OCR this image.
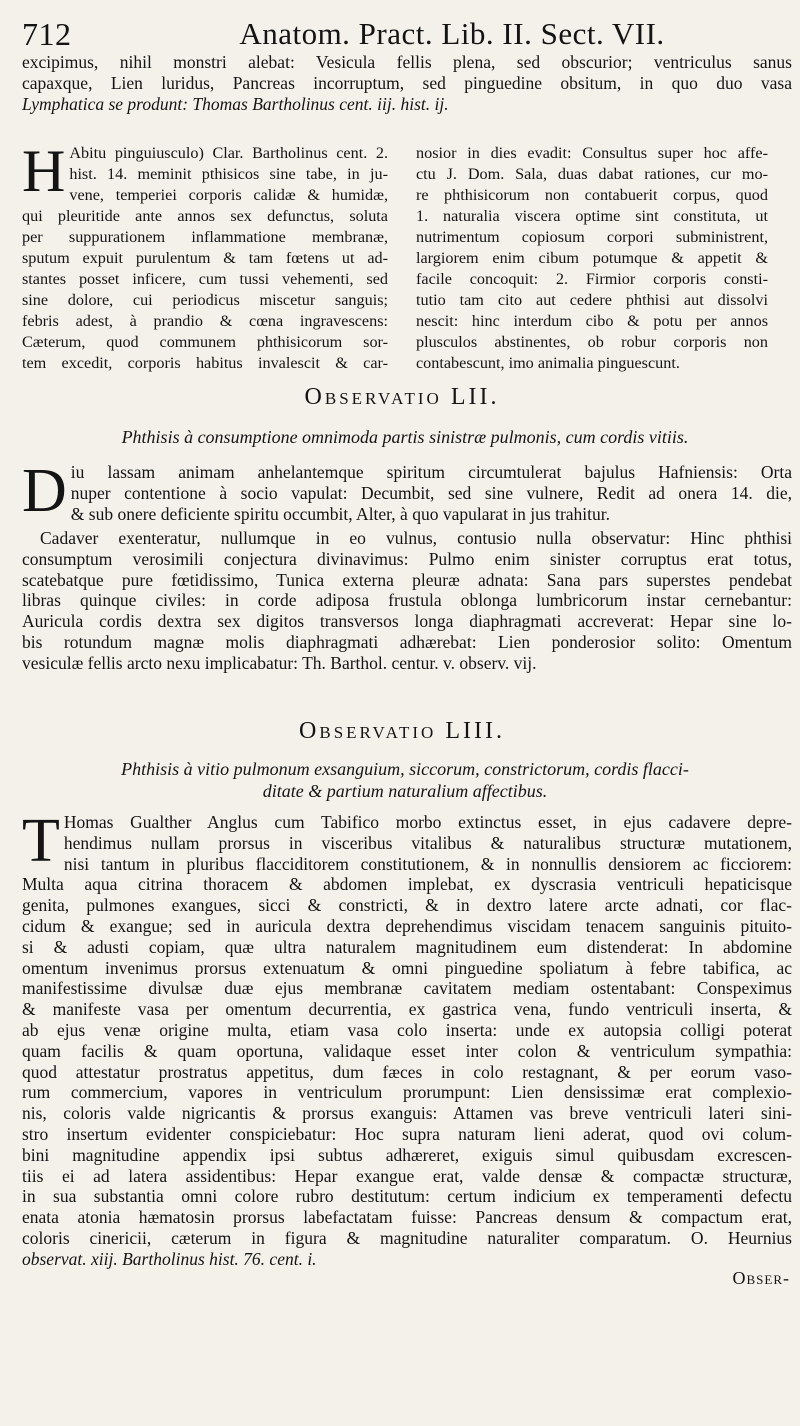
712	Anatom. Pract. Lib. II. Sect. VII.
excipimus, nihil monstri alebat: Vesicula fellis plena, sed obscurior; ventriculus sanus
capaxque, Lien luridus, Pancreas incorruptum, sed pinguedine obsitum, in quo duo vasa
Lymphatica se produnt: Thomas Bartholinus cent. iij. hist. ij.
H Abitu pinguiusculo) Clar. Bartholinus cent. 2.
hist. 14. meminit pthisicos sine tabe, in ju-
vene, temperiei corporis calidæ & humidæ,
qui pleuritide ante annos sex defunctus, soluta
per suppurationem inflammatione membranæ,
sputum expuit purulentum & tam fœtens ut ad-
stantes posset inficere, cum tussi vehementi, sed
sine dolore, cui periodicus miscetur sanguis;
febris adest, à prandio & cœna ingravescens:
Cæterum, quod communem phthisicorum sor-
tem excedit, corporis habitus invalescit & car-
nosior in dies evadit: Consultus super hoc affe-
ctu J. Dom. Sala, duas dabat rationes, cur mo-
re phthisicorum non contabuerit corpus, quod
1. naturalia viscera optime sint constituta, ut
nutrimentum copiosum corpori subministrent,
largiorem enim cibum potumque & appetit &
facile concoquit: 2. Firmior corporis consti-
tutio tam cito aut cedere phthisi aut dissolvi
nescit: hinc interdum cibo & potu per annos
plusculos abstinentes, ob robur corporis non
contabescunt, imo animalia pinguescunt.
Observatio LII.
Phthisis à consumptione omnimoda partis sinistræ pulmonis, cum cordis vitiis.
D iu lassam animam anhelantemque spiritum circumtulerat bajulus Hafniensis: Orta
nuper contentione à socio vapulat: Decumbit, sed sine vulnere, Redit ad onera 14. die,
& sub onere deficiente spiritu occumbit, Alter, à quo vapularat in jus trahitur.
Cadaver exenteratur, nullumque in eo vulnus, contusio nulla observatur: Hinc phthisi
consumptum verosimili conjectura divinavimus: Pulmo enim sinister corruptus erat totus,
scatebatque pure fœtidissimo, Tunica externa pleuræ adnata: Sana pars superstes pendebat
libras quinque civiles: in corde adiposa frustula oblonga lumbricorum instar cernebantur:
Auricula cordis dextra sex digitos transversos longa diaphragmati accreverat: Hepar sine lo-
bis rotundum magnæ molis diaphragmati adhærebat: Lien ponderosior solito: Omentum
vesiculæ fellis arcto nexu implicabatur: Th. Barthol. centur. v. observ. vij.
Observatio LIII.
Phthisis à vitio pulmonum exsanguium, siccorum, constrictorum, cordis flacci-
ditate & partium naturalium affectibus.
T Homas Gualther Anglus cum Tabifico morbo extinctus esset, in ejus cadavere depre-
hendimus nullam prorsus in visceribus vitalibus & naturalibus structuræ mutationem,
nisi tantum in pluribus flacciditorem constitutionem, & in nonnullis densiorem ac ficciorem:
Multa aqua citrina thoracem & abdomen implebat, ex dyscrasia ventriculi hepaticisque
genita, pulmones exangues, sicci & constricti, & in dextro latere arcte adnati, cor flac-
cidum & exangue; sed in auricula dextra deprehendimus viscidam tenacem sanguinis pituito-
si & adusti copiam, quæ ultra naturalem magnitudinem eum distenderat: In abdomine
omentum invenimus prorsus extenuatum & omni pinguedine spoliatum à febre tabifica, ac
manifestissime divulsæ duæ ejus membranæ cavitatem mediam ostentabant: Conspeximus
& manifeste vasa per omentum decurrentia, ex gastrica vena, fundo ventriculi inserta, &
ab ejus venæ origine multa, etiam vasa colo inserta: unde ex autopsia colligi poterat
quam facilis & quam oportuna, validaque esset inter colon & ventriculum sympathia:
quod attestatur prostratus appetitus, dum fæces in colo restagnant, & per eorum vaso-
rum commercium, vapores in ventriculum prorumpunt: Lien densissimæ erat complexio-
nis, coloris valde nigricantis & prorsus exanguis: Attamen vas breve ventriculi lateri sini-
stro insertum evidenter conspiciebatur: Hoc supra naturam lieni aderat, quod ovi colum-
bini magnitudine appendix ipsi subtus adhæreret, exiguis simul quibusdam excrescen-
tiis ei ad latera assidentibus: Hepar exangue erat, valde densæ & compactæ structuræ,
in sua substantia omni colore rubro destitutum: certum indicium ex temperamenti defectu
enata atonia hæmatosin prorsus labefactatam fuisse: Pancreas densum & compactum erat,
coloris cinericii, cæterum in figura & magnitudine naturaliter comparatum. O. Heurnius
observat. xiij. Bartholinus hist. 76. cent. i.
Obser-
